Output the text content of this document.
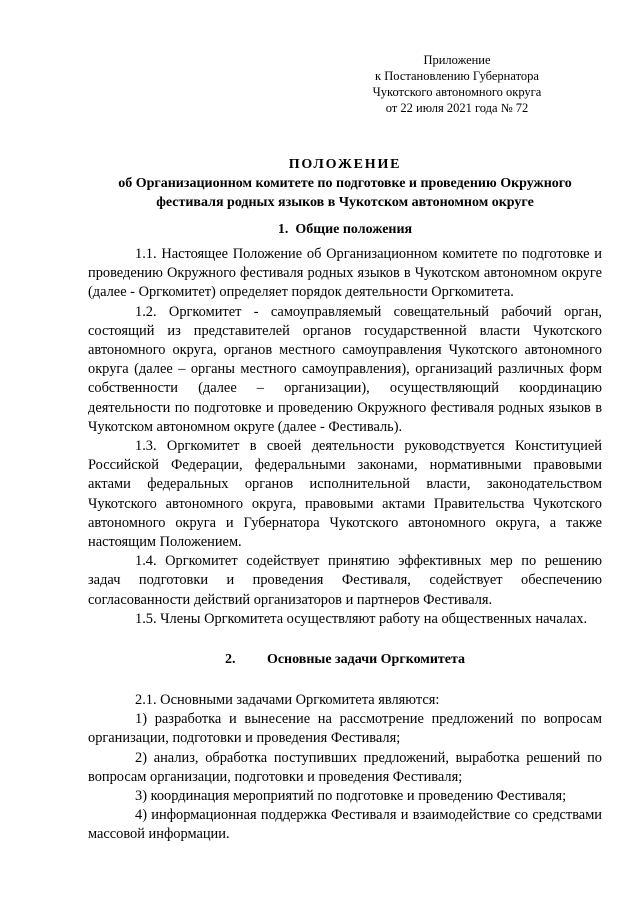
Приложение
к Постановлению Губернатора
Чукотского автономного округа
от 22 июля 2021 года № 72
ПОЛОЖЕНИЕ
об Организационном комитете по подготовке и проведению Окружного фестиваля родных языков в Чукотском автономном округе
1. Общие положения

1.1. Настоящее Положение об Организационном комитете по подготовке и проведению Окружного фестиваля родных языков в Чукотском автономном округе (далее - Оргкомитет) определяет порядок деятельности Оргкомитета.

1.2. Оргкомитет - самоуправляемый совещательный рабочий орган, состоящий из представителей органов государственной власти Чукотского автономного округа, органов местного самоуправления Чукотского автономного округа (далее – органы местного самоуправления), организаций различных форм собственности (далее – организации), осуществляющий координацию деятельности по подготовке и проведению Окружного фестиваля родных языков в Чукотском автономном округе (далее - Фестиваль).

1.3. Оргкомитет в своей деятельности руководствуется Конституцией Российской Федерации, федеральными законами, нормативными правовыми актами федеральных органов исполнительной власти, законодательством Чукотского автономного округа, правовыми актами Правительства Чукотского автономного округа и Губернатора Чукотского автономного округа, а также настоящим Положением.

1.4. Оргкомитет содействует принятию эффективных мер по решению задач подготовки и проведения Фестиваля, содействует обеспечению согласованности действий организаторов и партнеров Фестиваля.

1.5. Члены Оргкомитета осуществляют работу на общественных началах.

2. Основные задачи Оргкомитета

2.1. Основными задачами Оргкомитета являются:

1) разработка и вынесение на рассмотрение предложений по вопросам организации, подготовки и проведения Фестиваля;

2) анализ, обработка поступивших предложений, выработка решений по вопросам организации, подготовки и проведения Фестиваля;

3) координация мероприятий по подготовке и проведению Фестиваля;

4) информационная поддержка Фестиваля и взаимодействие со средствами массовой информации.
